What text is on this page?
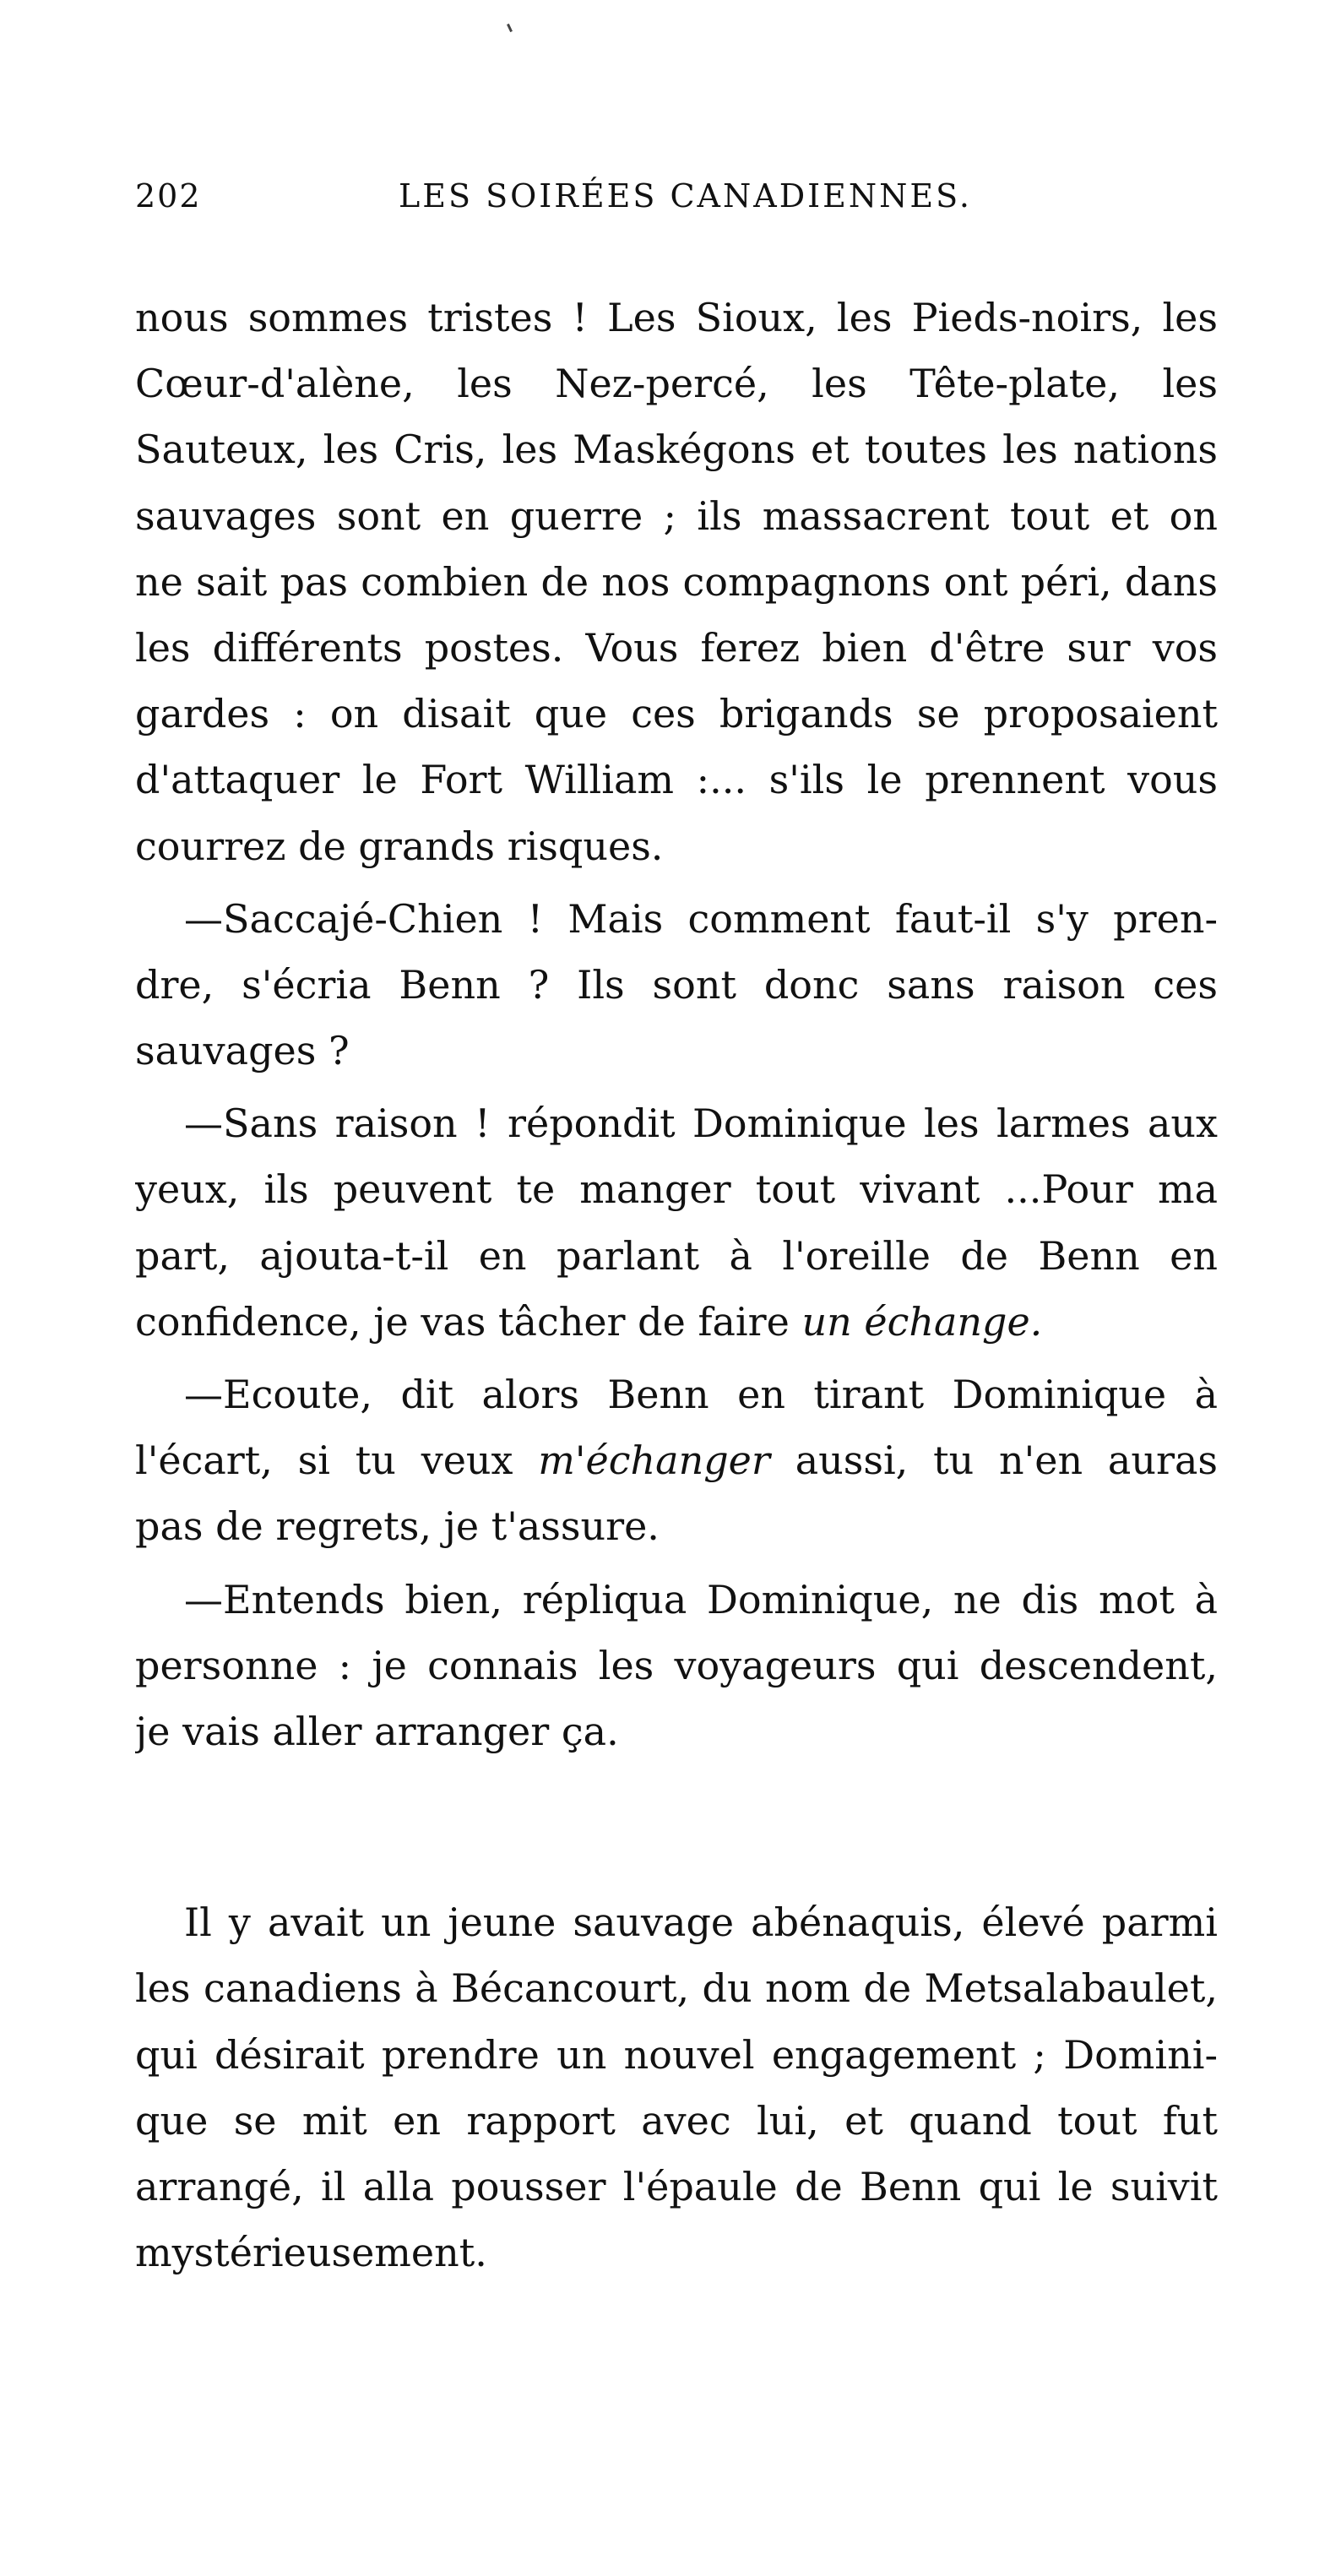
202	LES SOIRÉES CANADIENNES.
nous sommes tristes ! Les Sioux, les Pieds-noirs, les
Cœur-d'alène, les Nez-percé, les Tête-plate, les
Sauteux, les Cris, les Maskégons et toutes les nations
sauvages sont en guerre ; ils massacrent tout et on
ne sait pas combien de nos compagnons ont péri, dans
les différents postes. Vous ferez bien d'être sur vos
gardes : on disait que ces brigands se proposaient
d'attaquer le Fort William :... s'ils le prennent vous
courrez de grands risques.
—Saccajé-Chien ! Mais comment faut-il s'y pren-
dre, s'écria Benn ? Ils sont donc sans raison ces
sauvages ?
—Sans raison ! répondit Dominique les larmes aux
yeux, ils peuvent te manger tout vivant ...Pour ma
part, ajouta-t-il en parlant à l'oreille de Benn en
confidence, je vas tâcher de faire un échange.
—Ecoute, dit alors Benn en tirant Dominique à
l'écart, si tu veux m'échanger aussi, tu n'en auras
pas de regrets, je t'assure.
—Entends bien, répliqua Dominique, ne dis mot à
personne : je connais les voyageurs qui descendent,
je vais aller arranger ça.
Il y avait un jeune sauvage abénaquis, élevé parmi
les canadiens à Bécancourt, du nom de Metsalabaulet,
qui désirait prendre un nouvel engagement ; Domini-
que se mit en rapport avec lui, et quand tout fut
arrangé, il alla pousser l'épaule de Benn qui le suivit
mystérieusement.
